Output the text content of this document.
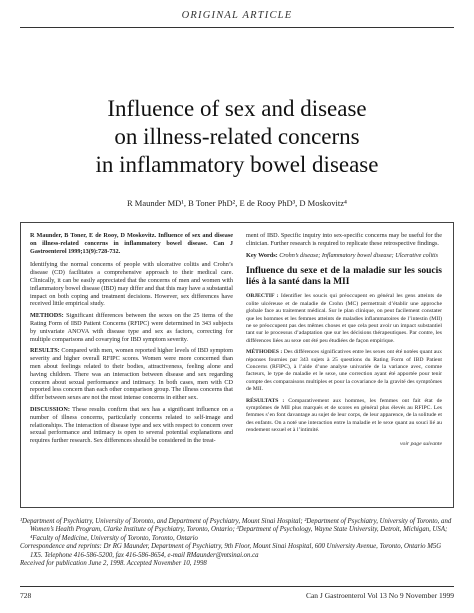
ORIGINAL ARTICLE
Influence of sex and disease
on illness-related concerns
in inflammatory bowel disease
R Maunder MD¹, B Toner PhD², E de Rooy PhD³, D Moskovitz⁴

R Maunder, B Toner, E de Rooy, D Moskovitz. Influence of sex and disease on illness-related concerns in inflammatory bowel disease. Can J Gastroenterol 1999;13(9):728-732.

Identifying the normal concerns of people with ulcerative colitis and Crohn’s disease (CD) facilitates a comprehensive approach to their medical care. Clinically, it can be easily appreciated that the concerns of men and women with inflammatory bowel disease (IBD) may differ and that this may have a substantial impact on both coping and treatment decisions. However, sex differences have received little empirical study.

METHODS: Significant differences between the sexes on the 25 items of the Rating Form of IBD Patient Concerns (RFIPC) were determined in 343 subjects by univariate ANOVA with disease type and sex as factors, correcting for multiple comparisons and covarying for IBD symptom severity.

RESULTS: Compared with men, women reported higher levels of IBD symptom severity and higher overall RFIPC scores. Women were more concerned than men about feelings related to their bodies, attractiveness, feeling alone and having children. There was an interaction between disease and sex regarding concern about sexual performance and intimacy. In both cases, men with CD reported less concern than each other comparison group. The illness concerns that differ between sexes are not the most intense concerns in either sex.

DISCUSSION: These results confirm that sex has a significant influence on a number of illness concerns, particularly concerns related to self-image and relationships. The interaction of disease type and sex with respect to concern over sexual performance and intimacy is open to several potential explanations and requires further research. Sex differences should be considered in the treat-

ment of IBD. Specific inquiry into sex-specific concerns may be useful for the clinician. Further research is required to replicate these retrospective findings.

Key Words: Crohn’s disease; Inflammatory bowel disease; Ulcerative colitis

Influence du sexe et de la maladie sur les soucis liés à la santé dans la MII

OBJECTIF : Identifier les soucis qui préoccupent en général les gens atteints de colite ulcéreuse et de maladie de Crohn (MC) permettrait d’établir une approche globale face au traitement médical. Sur le plan clinique, on peut facilement constater que les hommes et les femmes atteints de maladies inflammatoires de l’intestin (MII) ne se préoccupent pas des mêmes choses et que cela peut avoir un impact substantiel tant sur le processus d’adaptation que sur les décisions thérapeutiques. Par contre, les différences liées au sexe ont été peu étudiées de façon empirique.

MÉTHODES : Des différences significatives entre les sexes ont été notées quant aux réponses fournies par 343 sujets à 25 questions du Rating Form of IBD Patient Concerns (RFIPC), à l’aide d’une analyse univariée de la variance avec, comme facteurs, le type de maladie et le sexe, une correction ayant été apportée pour tenir compte des comparaisons multiples et pour la covariance de la gravité des symptômes de MII.

RÉSULTATS : Comparativement aux hommes, les femmes ont fait état de symptômes de MII plus marqués et de scores en général plus élevés au RFIPC. Les femmes s’en font davantage au sujet de leur corps, de leur apparence, de la solitude et des enfants. On a noté une interaction entre la maladie et le sexe quant au souci lié au rendement sexuel et à l’intimité.

voir page suivante

¹Department of Psychiatry, University of Toronto, and Department of Psychiatry, Mount Sinai Hospital; ²Department of Psychiatry, University of Toronto, and Women’s Health Program, Clarke Institute of Psychiatry, Toronto, Ontario; ³Department of Psychology, Wayne State University, Detroit, Michigan, USA; ⁴Faculty of Medicine, University of Toronto, Toronto, Ontario

Correspondence and reprints: Dr RG Maunder, Department of Psychiatry, 9th Floor, Mount Sinai Hospital, 600 University Avenue, Toronto, Ontario M5G 1X5. Telephone 416-586-5200, fax 416-586-8654, e-mail RMaunder@mtsinai.on.ca

Received for publication June 2, 1998. Accepted November 10, 1998

728	Can J Gastroenterol Vol 13 No 9 November 1999
